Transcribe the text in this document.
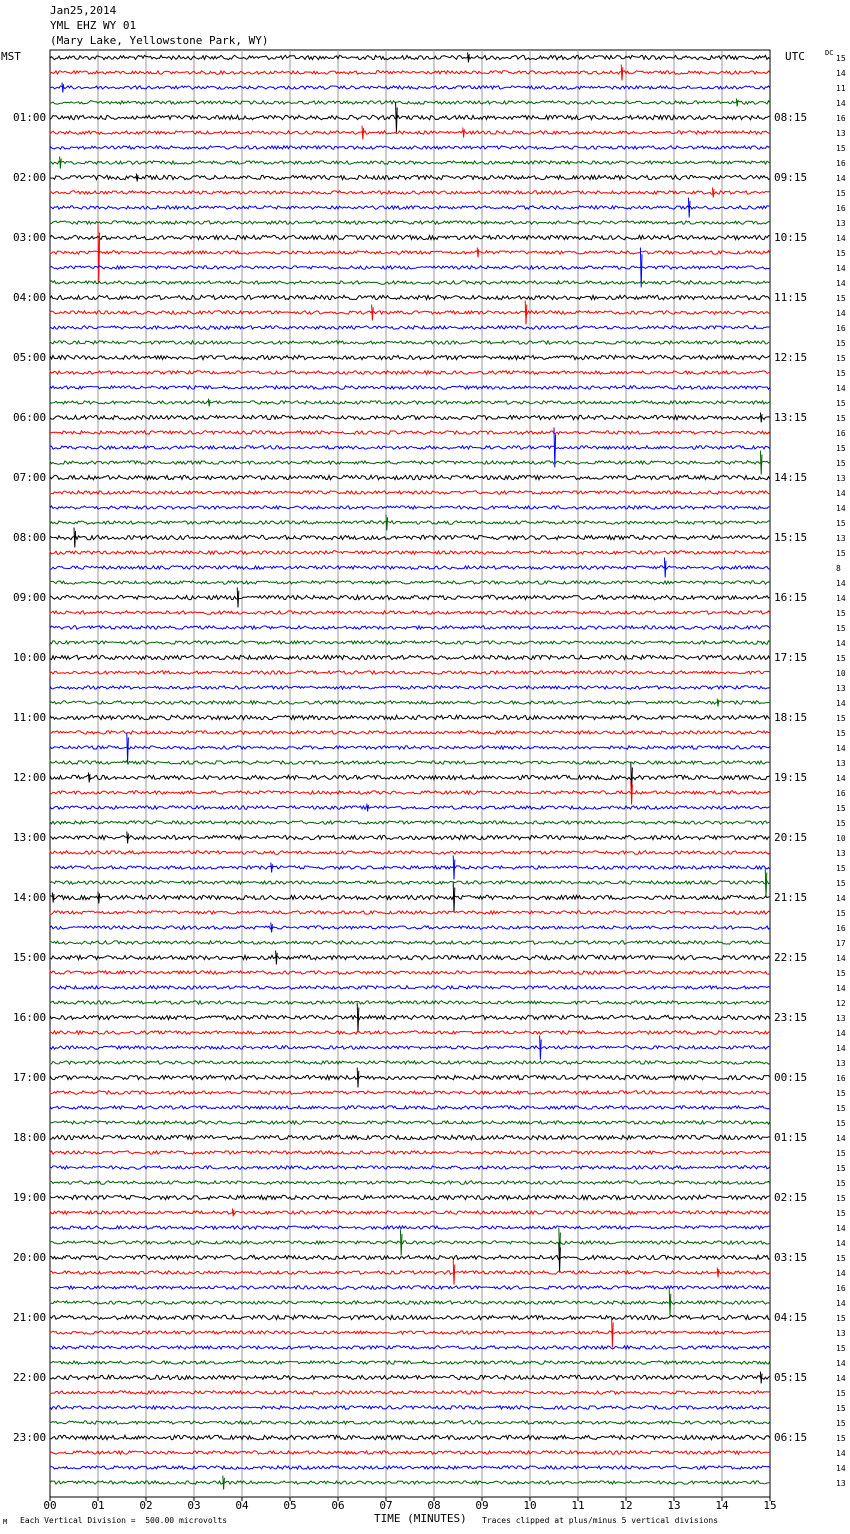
Jan25,2014
YML EHZ WY 01
(Mary Lake, Yellowstone Park, WY)
MST	UTC	DC
01:00
02:00
03:00
04:00
05:00
06:00
07:00
08:00
09:00
10:00
11:00
12:00
13:00
14:00
15:00
16:00
17:00
18:00
19:00
20:00
21:00
22:00
23:00
08:15
09:15
10:15
11:15
12:15
13:15
14:15
15:15
16:15
17:15
18:15
19:15
20:15
21:15
22:15
23:15
00:15
01:15
02:15
03:15
04:15
05:15
06:15
15
14
11
14
16
13
15
16
14
15
16
13
14
15
14
14
15
14
16
15
15
15
14
15
15
16
15
15
13
14
14
15
13
15
8
14
14
15
15
14
15
10
13
14
15
15
14
13
14
16
15
15
10
13
15
15
14
15
16
17
14
15
14
12
13
14
14
13
16
15
15
15
14
15
15
15
15
15
14
14
15
14
16
14
15
13
15
14
14
15
15
15
15
14
14
13
00	01	02	03	04	05	06	07	08	09	10	11	12	13	14	15
M Each Vertical Division =  500.00 microvolts	TIME (MINUTES) Traces clipped at plus/minus 5 vertical divisions
